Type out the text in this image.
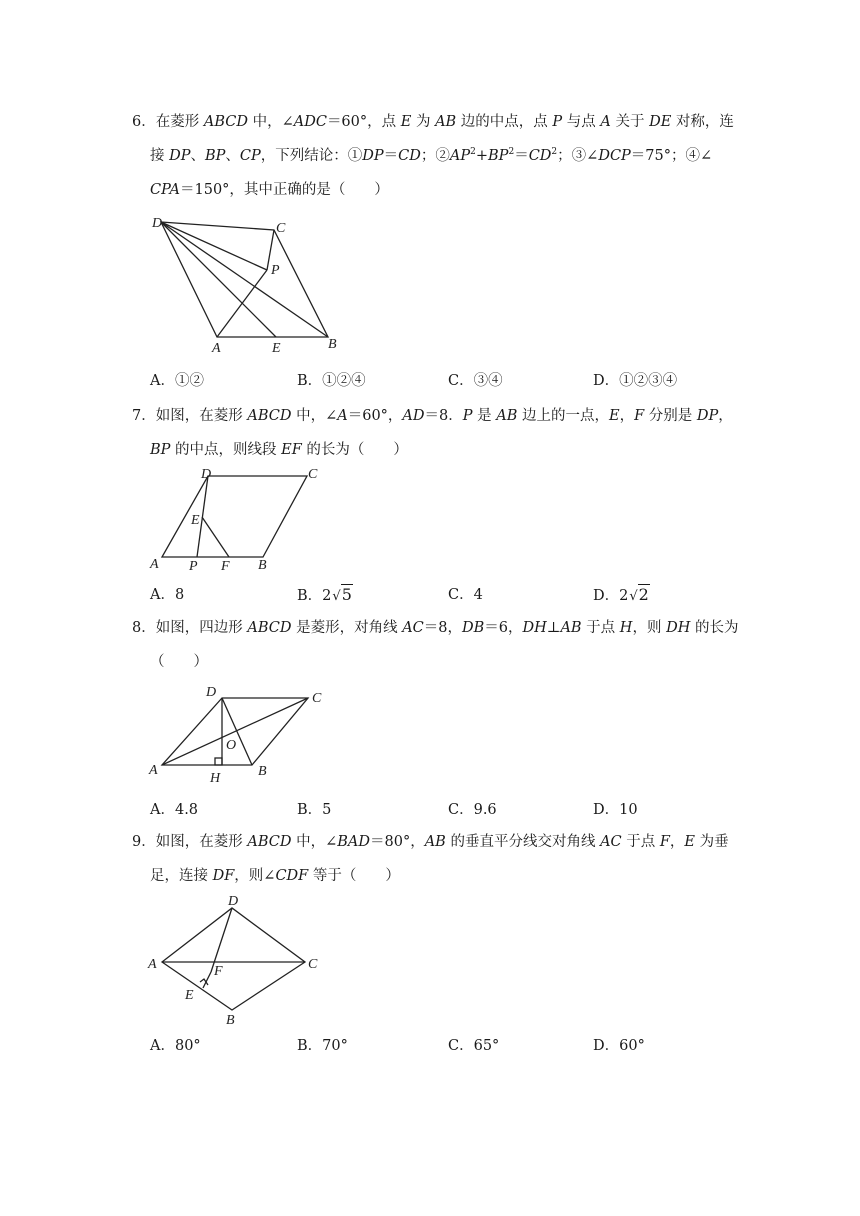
6．在菱形 ABCD 中，∠ADC＝60°，点 E 为 AB 边的中点，点 P 与点 A 关于 DE 对称，连
接 DP、BP、CP，下列结论：①DP＝CD；$②AP^2+BP^2=CD^2$；③∠DCP＝75°；④∠
CPA＝150°，其中正确的是（　　）
D	C
P
A	E	B
A．①②	B．①②④	C．③④	D．①②③④
7．如图，在菱形 ABCD 中，∠A＝60°，AD＝8．P 是 AB 边上的一点，E，F 分别是 DP，
BP 的中点，则线段 EF 的长为（　　）
D	C
E
A P F B
A．8	B．2√5	C．4	D．2√2
8．如图，四边形 ABCD 是菱形，对角线 AC＝8，DB＝6，DH⊥AB 于点 H，则 DH 的长为
（　　）
D	C
O
A
H	B
A．4.8	B．5	C．9.6	D．10
9．如图，在菱形 ABCD 中，∠BAD＝80°，AB 的垂直平分线交对角线 AC 于点 F，E 为垂
足，连接 DF，则∠CDF 等于（　　）
D
A	F	C
E
B
A．80°	B．70°	C．65°	D．60°
